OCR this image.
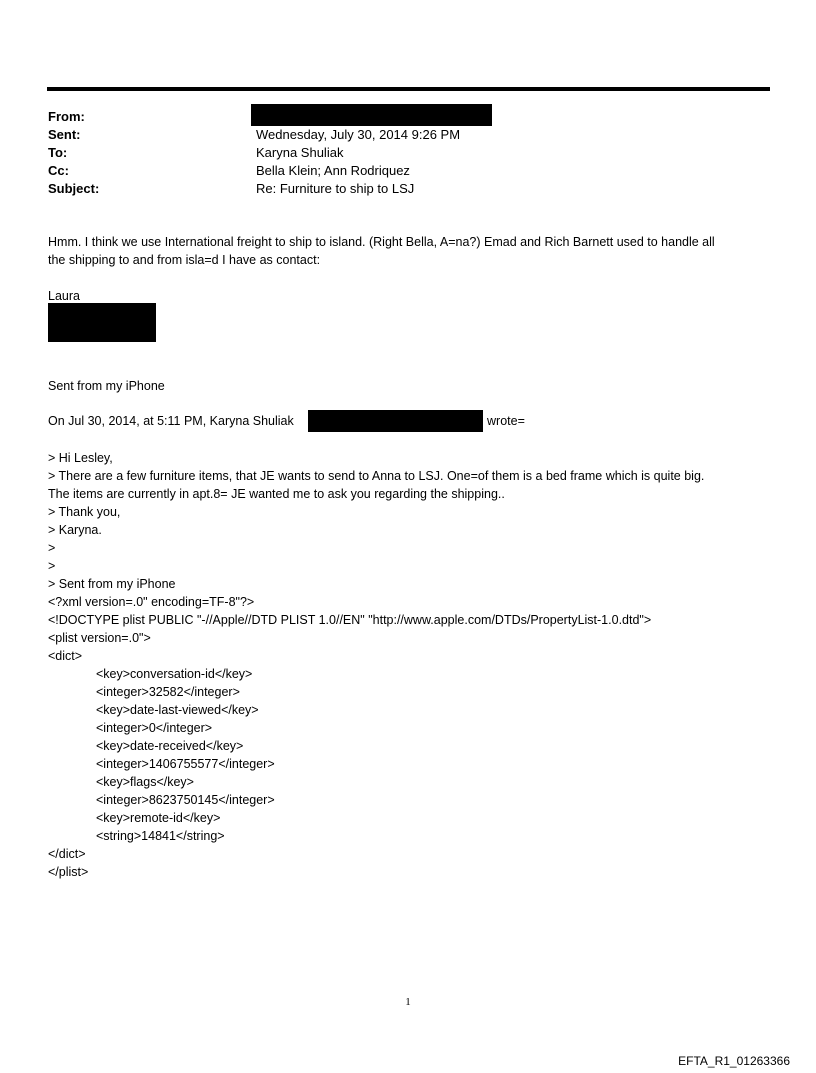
From:
Sent:	Wednesday, July 30, 2014 9:26 PM
To:	Karyna Shuliak
Cc:	Bella Klein; Ann Rodriquez
Subject:	Re: Furniture to ship to LSJ
Hmm. I think we use International freight to ship to island. (Right Bella, A=na?) Emad and Rich Barnett used to handle all
the shipping to and from isla=d I have as contact:
Laura
Sent from my iPhone
On Jul 30, 2014, at 5:11 PM, Karyna Shuliak	wrote=
> Hi Lesley,
> There are a few furniture items, that JE wants to send to Anna to LSJ. One=of them is a bed frame which is quite big.
The items are currently in apt.8= JE wanted me to ask you regarding the shipping..
> Thank you,
> Karyna.
>
>
> Sent from my iPhone
<?xml version=.0" encoding=TF-8"?>
<!DOCTYPE plist PUBLIC "-//Apple//DTD PLIST 1.0//EN" "http://www.apple.com/DTDs/PropertyList-1.0.dtd">
<plist version=.0">
<dict>
<key>conversation-id</key>
<integer>32582</integer>
<key>date-last-viewed</key>
<integer>0</integer>
<key>date-received</key>
<integer>1406755577</integer>
<key>flags</key>
<integer>8623750145</integer>
<key>remote-id</key>
<string>14841</string>
</dict>
</plist>
1
EFTA_R1_01263366
